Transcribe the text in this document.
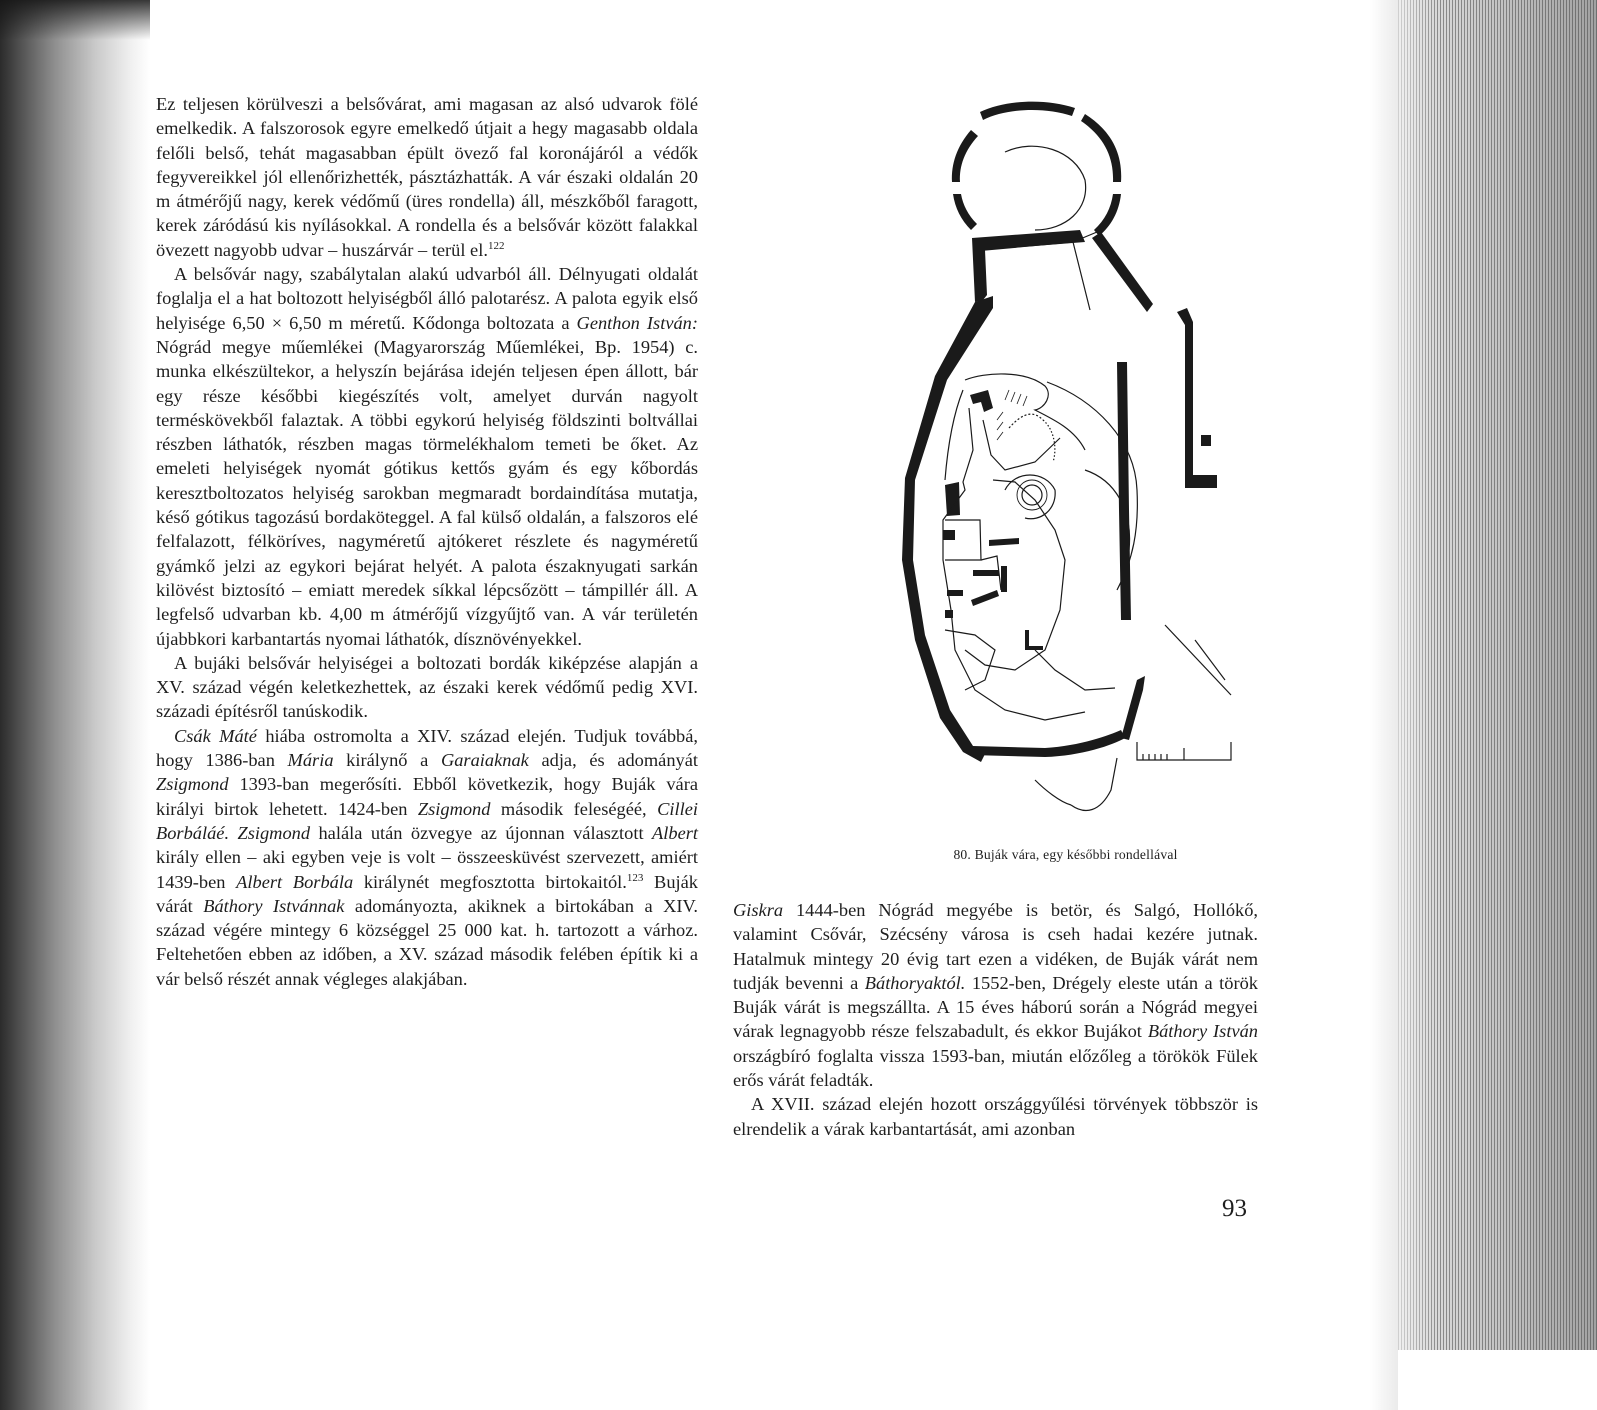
Ez teljesen körülveszi a belsővárat, ami magasan az alsó udvarok fölé emelkedik. A falszorosok egyre emelkedő útjait a hegy magasabb oldala felőli belső, tehát magasabban épült övező fal koronájáról a védők fegyvereikkel jól ellenőrizhették, pásztázhatták. A vár északi oldalán 20 m átmérőjű nagy, kerek védőmű (üres rondella) áll, mészkőből faragott, kerek záródású kis nyílásokkal. A rondella és a belsővár között falakkal övezett nagyobb udvar – huszárvár – terül el.$^{122}$

A belsővár nagy, szabálytalan alakú udvarból áll. Délnyugati oldalát foglalja el a hat boltozott helyiségből álló palotarész. A palota egyik első helyisége 6,50 × 6,50 m méretű. Kődonga boltozata a Genthon István: Nógrád megye műemlékei (Magyarország Műemlékei, Bp. 1954) c. munka elkészültekor, a helyszín bejárása idején teljesen épen állott, bár egy része későbbi kiegészítés volt, amelyet durván nagyolt terméskövekből falaztak. A többi egykorú helyiség földszinti boltvállai részben láthatók, részben magas törmelékhalom temeti be őket. Az emeleti helyiségek nyomát gótikus kettős gyám és egy kőbordás keresztboltozatos helyiség sarokban megmaradt bordaindítása mutatja, késő gótikus tagozású bordaköteggel. A fal külső oldalán, a falszoros elé felfalazott, félköríves, nagyméretű ajtókeret részlete és nagyméretű gyámkő jelzi az egykori bejárat helyét. A palota északnyugati sarkán kilövést biztosító – emiatt meredek síkkal lépcsőzött – támpillér áll. A legfelső udvarban kb. 4,00 m átmérőjű vízgyűjtő van. A vár területén újabbkori karbantartás nyomai láthatók, dísznövényekkel.

A bujáki belsővár helyiségei a boltozati bordák kiképzése alapján a XV. század végén keletkezhettek, az északi kerek védőmű pedig XVI. századi építésről tanúskodik.

Csák Máté hiába ostromolta a XIV. század elején. Tudjuk továbbá, hogy 1386-ban Mária királynő a Garaiaknak adja, és adományát Zsigmond 1393-ban megerősíti. Ebből következik, hogy Buják vára királyi birtok lehetett. 1424-ben Zsigmond második feleségéé, Cillei Borbáláé. Zsigmond halála után özvegye az újonnan választott Albert király ellen – aki egyben veje is volt – összeesküvést szervezett, amiért 1439-ben Albert Borbála királynét megfosztotta birtokaitól.$^{123}$ Buják várát Báthory Istvánnak adományozta, akiknek a birtokában a XIV. század végére mintegy 6 községgel 25 000 kat. h. tartozott a várhoz. Feltehetően ebben az időben, a XV. század második felében építik ki a vár belső részét annak végleges alakjában.

80. Buják vára, egy későbbi rondellával

Giskra 1444-ben Nógrád megyébe is betör, és Salgó, Hollókő, valamint Csővár, Szécsény városa is cseh hadai kezére jutnak. Hatalmuk mintegy 20 évig tart ezen a vidéken, de Buják várát nem tudják bevenni a Báthoryaktól. 1552-ben, Drégely eleste után a török Buják várát is megszállta. A 15 éves háború során a Nógrád megyei várak legnagyobb része felszabadult, és ekkor Bujákot Báthory István országbíró foglalta vissza 1593-ban, miután előzőleg a törökök Fülek erős várát feladták.

A XVII. század elején hozott országgyűlési törvények többször is elrendelik a várak karbantartását, ami azonban

93
